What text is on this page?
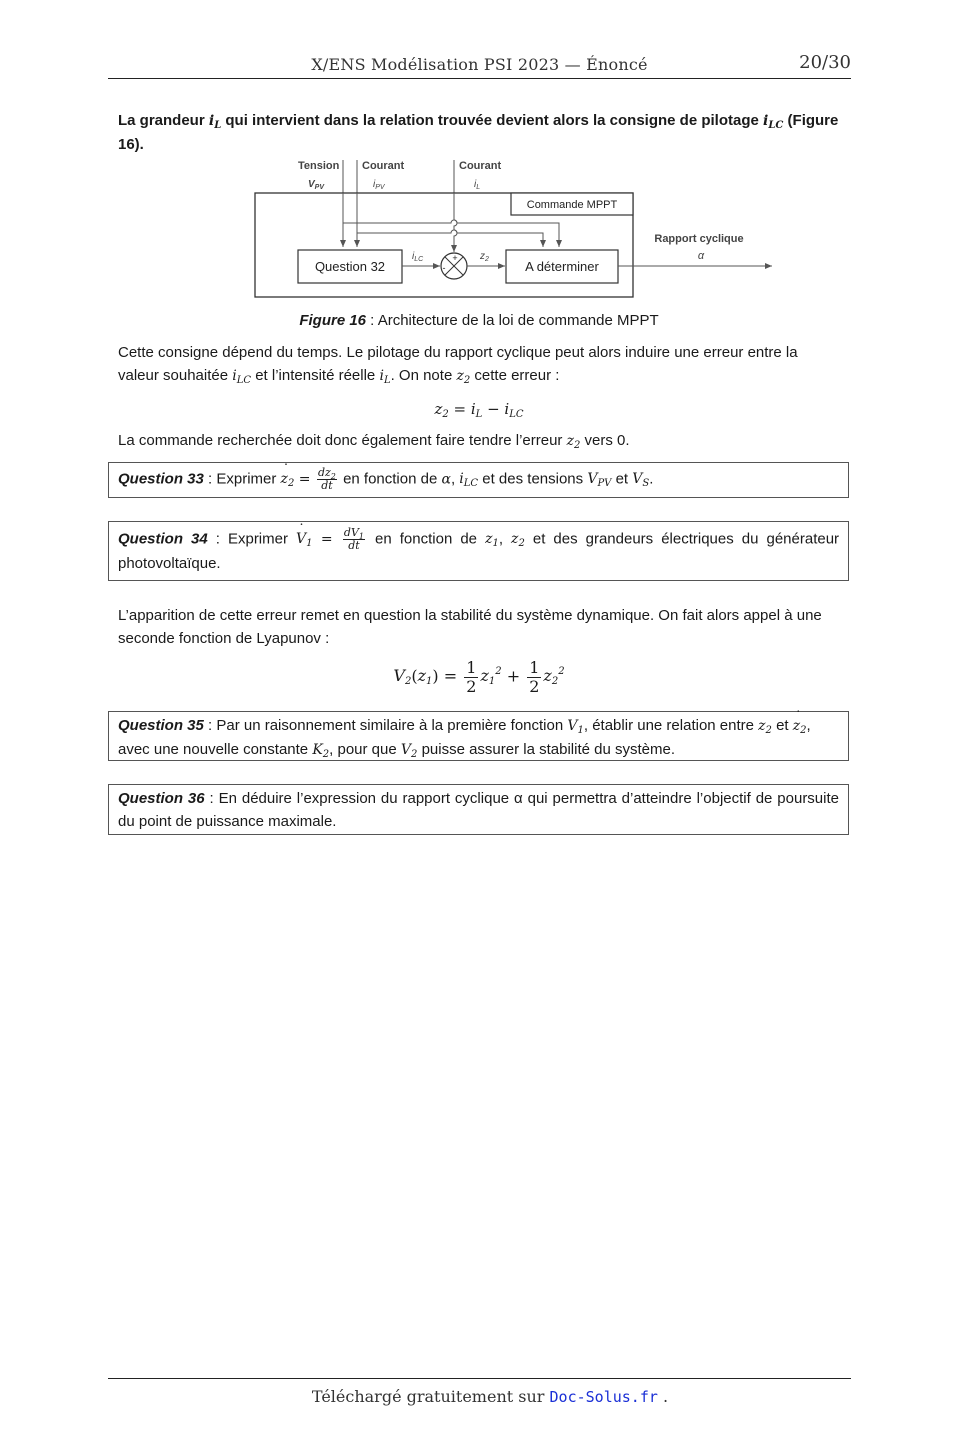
X/ENS Modélisation PSI 2023 — Énoncé	20/30
La grandeur $i_L$ qui intervient dans la relation trouvée devient alors la consigne de pilotage $i_{LC}$ (Figure 16).
Tension
$V_{PV}$
Courant
$i_{PV}$
Courant
$i_L$
Commande MPPT
Question 32
$i_{LC}$	+
-
$z_2$	A déterminer
Rapport cyclique
α
Figure 16 : Architecture de la loi de commande MPPT
Cette consigne dépend du temps. Le pilotage du rapport cyclique peut alors induire une erreur entre la valeur souhaitée $i_{LC}$ et l’intensité réelle $i_L$. On note $z_2$ cette erreur :
$z_2 = i_L - i_{LC}$
La commande recherchée doit donc également faire tendre l’erreur $z_2$ vers 0.
Question 33 : Exprimer ˙ $z_2 = \frac{dz_2}{dt}$ en fonction de α, $i_{LC}$ et des tensions $V_{PV}$ et $V_S$.
Question 34 : Exprimer ˙ $V_1 = \frac{dV_1}{dt}$ en fonction de $z_1$, $z_2$ et des grandeurs électriques du générateur photovoltaïque.
L’apparition de cette erreur remet en question la stabilité du système dynamique. On fait alors appel à une seconde fonction de Lyapunov :
$V_2(z_1) = \frac{1}{2} z_1^2 + \frac{1}{2} z_2^2$
Question 35 : Par un raisonnement similaire à la première fonction $V_1$, établir une relation entre $z_2$ et ˙ $z_2$, avec une nouvelle constante $K_2$, pour que $V_2$ puisse assurer la stabilité du système.
Question 36 : En déduire l’expression du rapport cyclique α qui permettra d’atteindre l’objectif de poursuite du point de puissance maximale.
Téléchargé gratuitement sur Doc-Solus.fr .
